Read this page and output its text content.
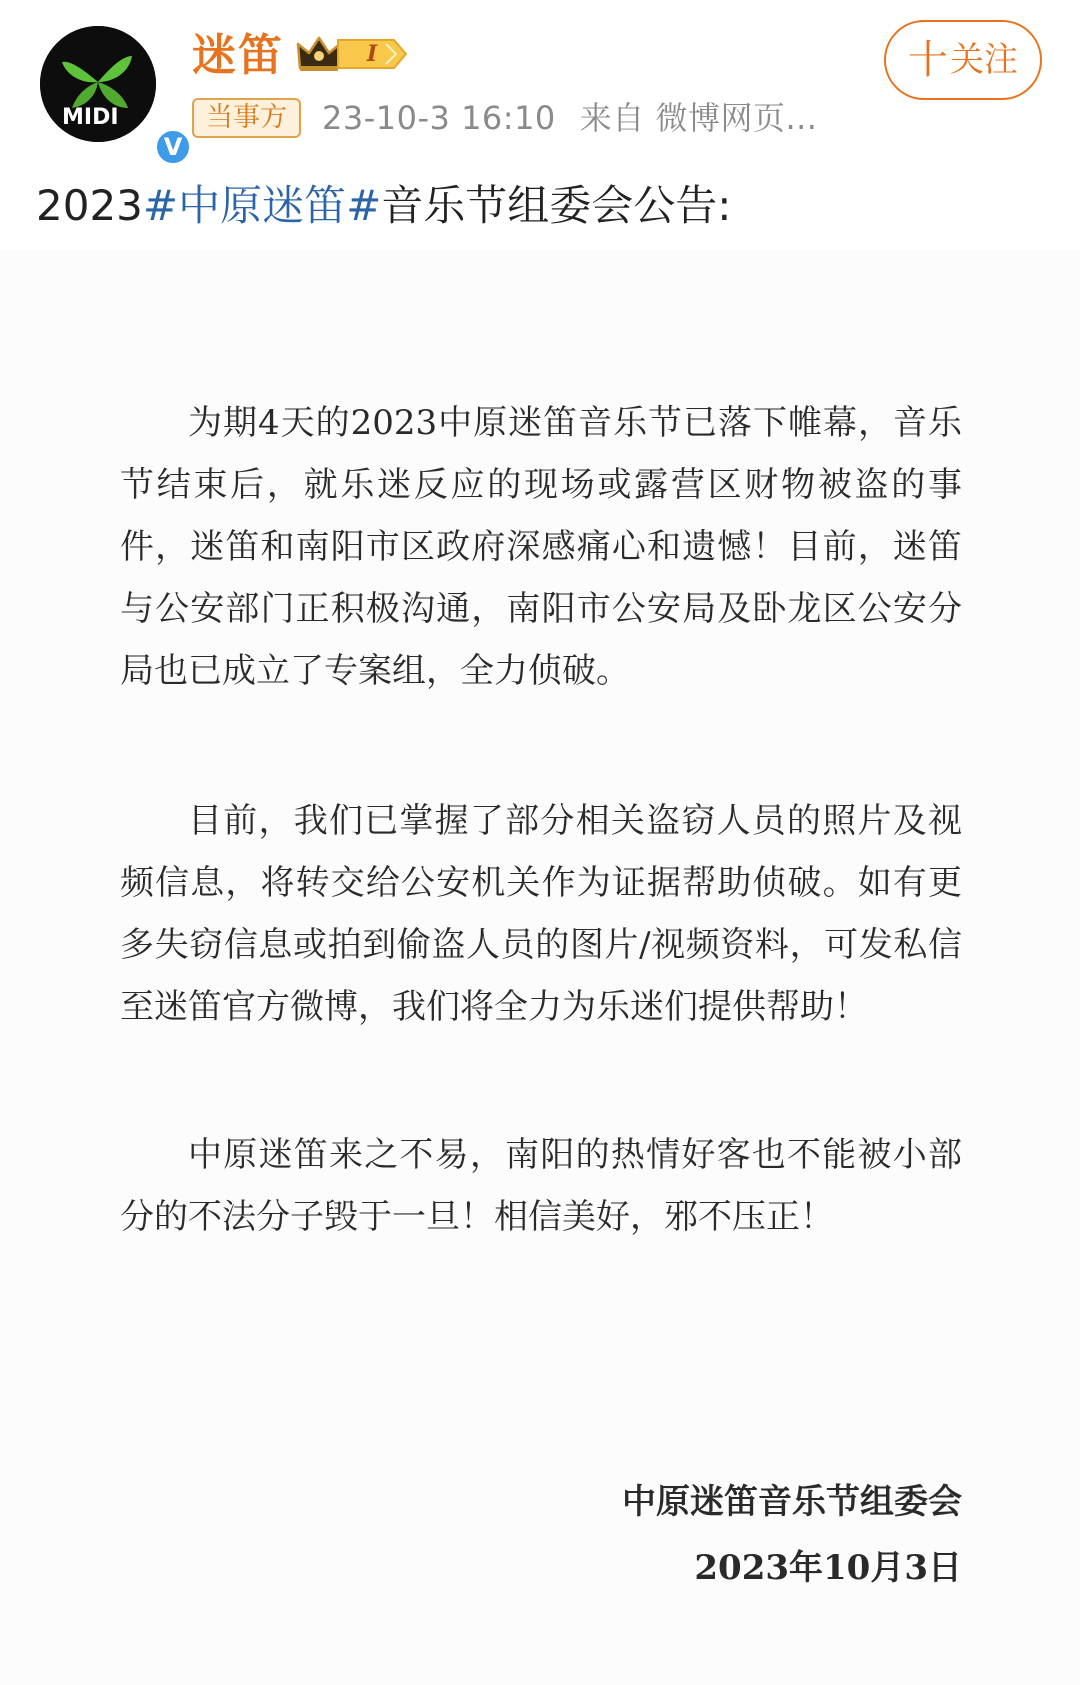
MIDI
V
迷笛	I
当事方	23-10-3 16:10 来自 微博网页...
十关注
2023#中原迷笛#音乐节组委会公告:

为期4天的2023中原迷笛音乐节已落下帷幕，音乐节结束后，就乐迷反应的现场或露营区财物被盗的事件，迷笛和南阳市区政府深感痛心和遗憾！目前，迷笛与公安部门正积极沟通，南阳市公安局及卧龙区公安分局也已成立了专案组，全力侦破。

目前，我们已掌握了部分相关盗窃人员的照片及视频信息，将转交给公安机关作为证据帮助侦破。如有更多失窃信息或拍到偷盗人员的图片/视频资料，可发私信至迷笛官方微博，我们将全力为乐迷们提供帮助！

中原迷笛来之不易，南阳的热情好客也不能被小部分的不法分子毁于一旦！相信美好，邪不压正！

中原迷笛音乐节组委会
2023年10月3日
